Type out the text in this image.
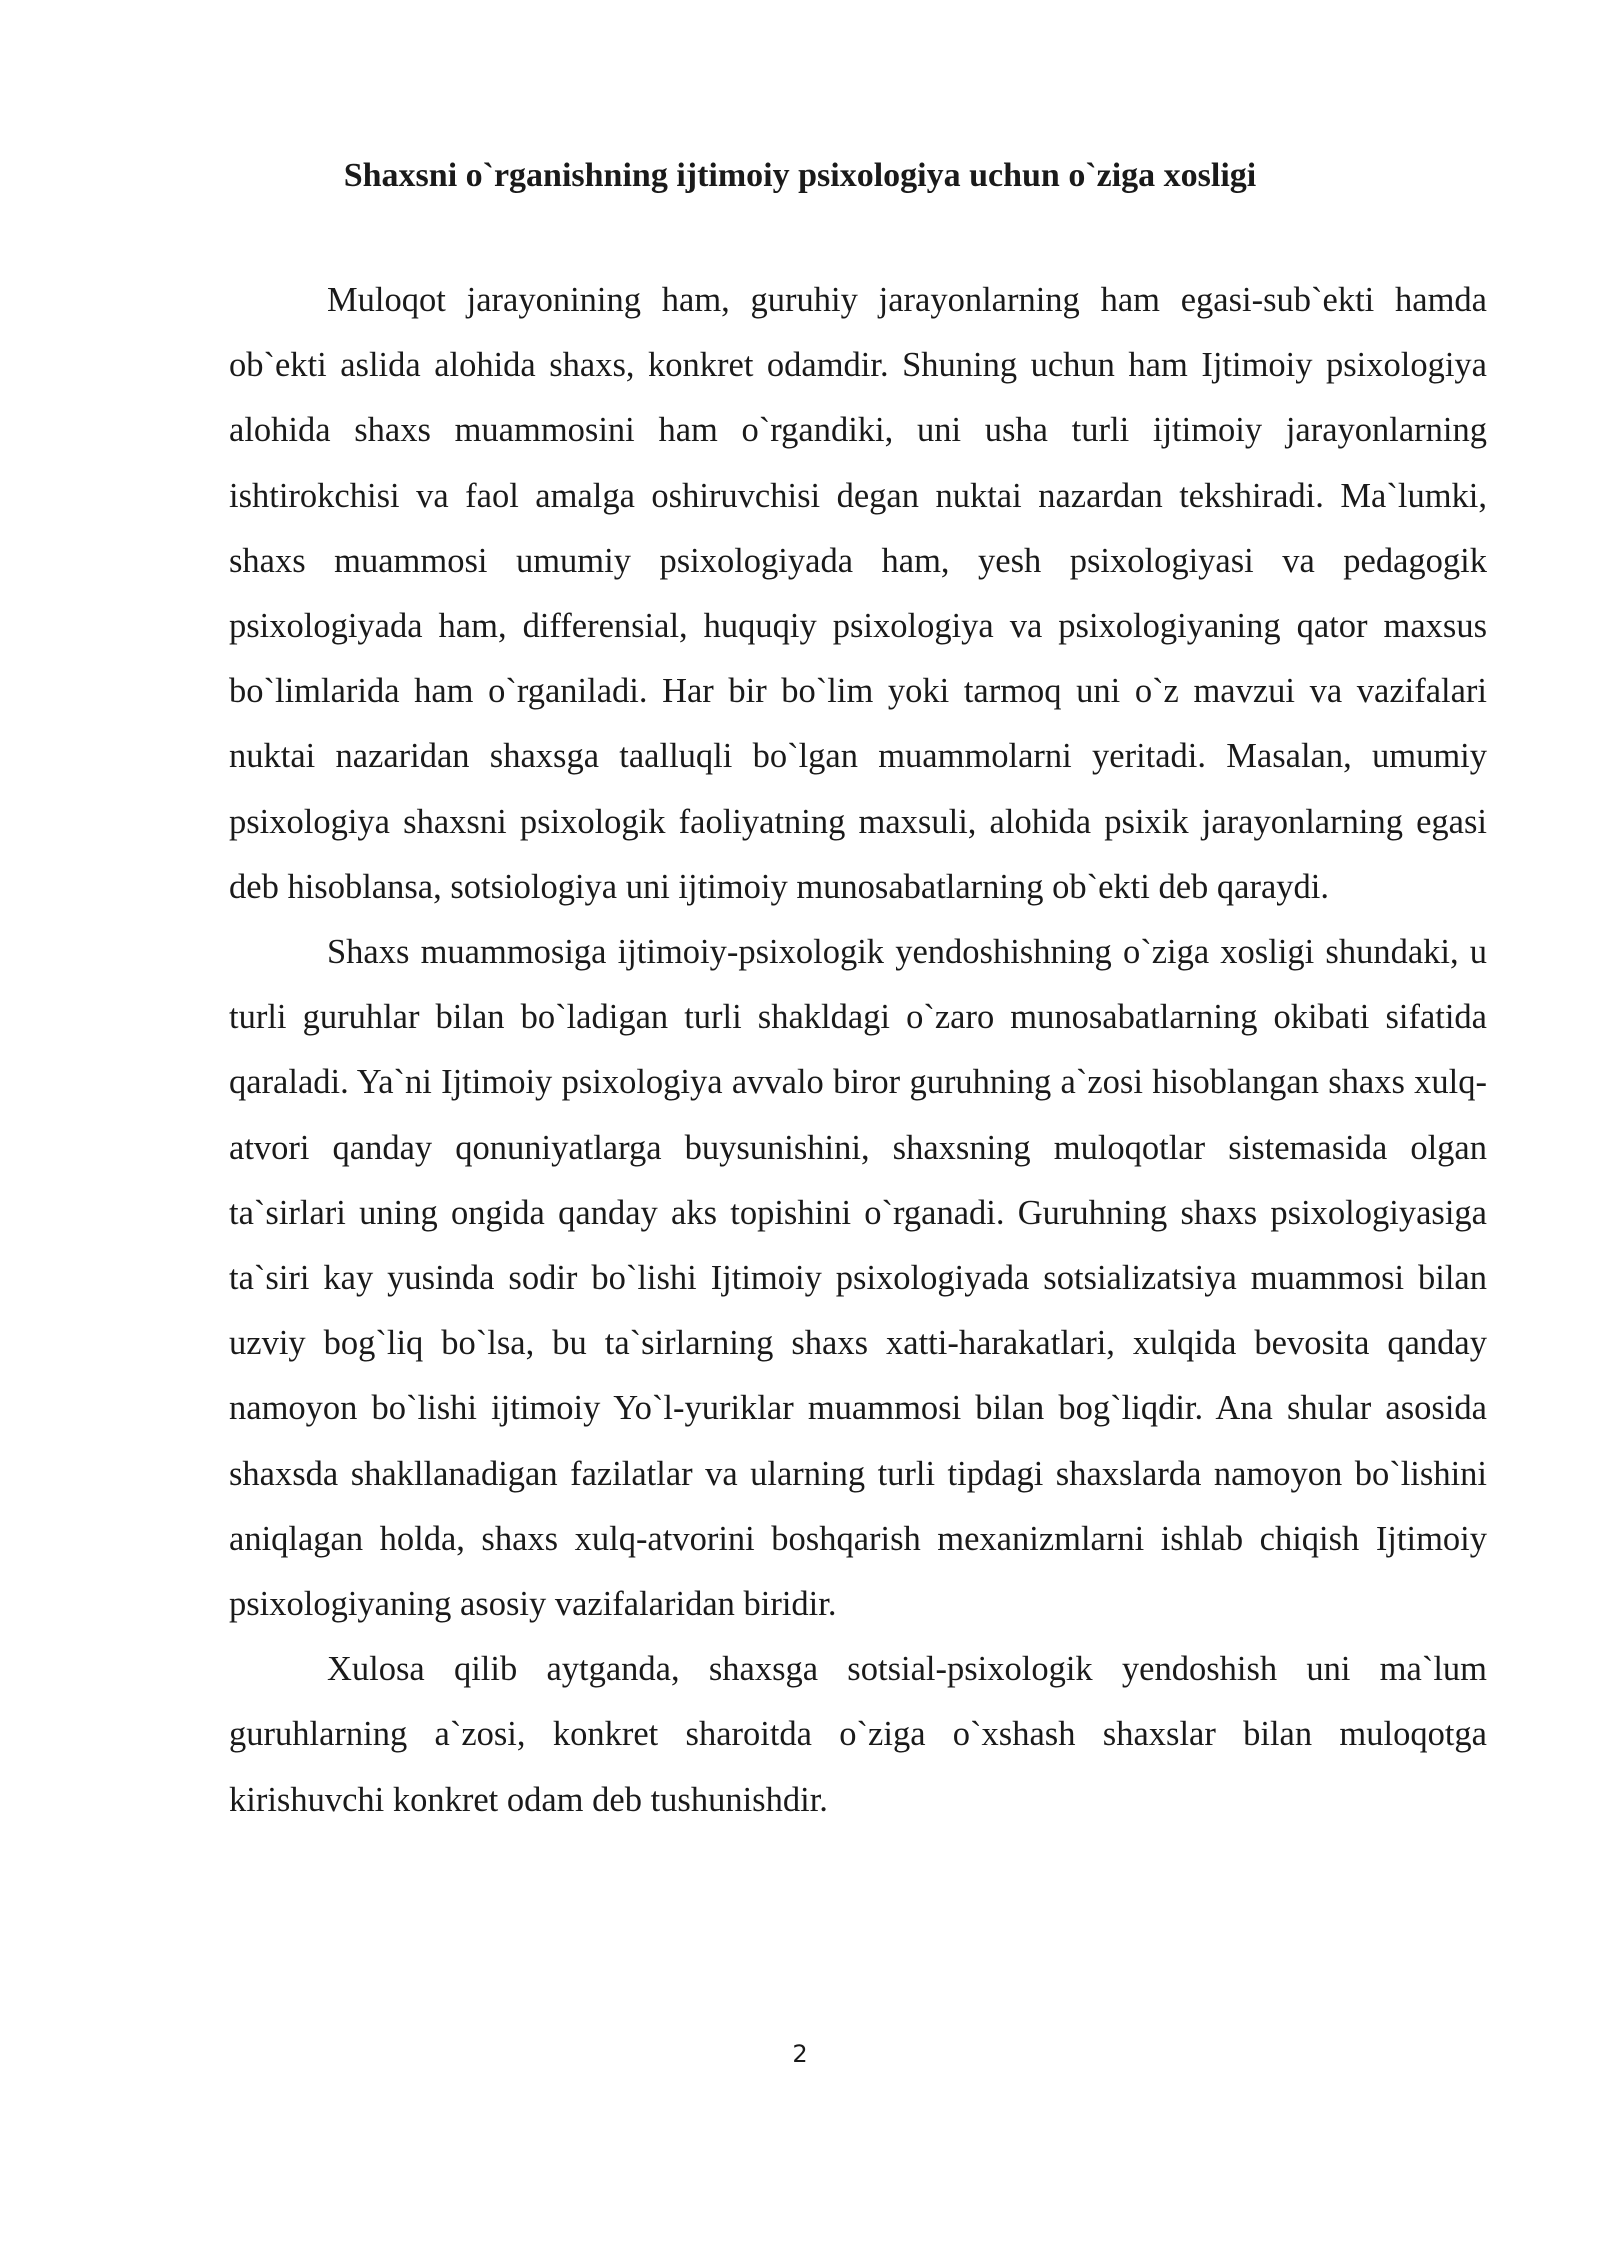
Shaxsni o`rganishning ijtimoiy psixologiya uchun o`ziga xosligi

Muloqot jarayonining ham, guruhiy jarayonlarning ham egasi-sub`ekti hamda ob`ekti aslida alohida shaxs, konkret odamdir. Shuning uchun ham Ijtimoiy psixologiya alohida shaxs muammosini ham o`rgandiki, uni usha turli ijtimoiy jarayonlarning ishtirokchisi va faol amalga oshiruvchisi degan nuktai nazardan tekshiradi. Ma`lumki, shaxs muammosi umumiy psixologiyada ham, yesh psixologiyasi va pedagogik psixologiyada ham, differensial, huquqiy psixologiya va psixologiyaning qator maxsus bo`limlarida ham o`rganiladi. Har bir bo`lim yoki tarmoq uni o`z mavzui va vazifalari nuktai nazaridan shaxsga taalluqli bo`lgan muammolarni yeritadi. Masalan, umumiy psixologiya shaxsni psixologik faoliyatning maxsuli, alohida psixik jarayonlarning egasi deb hisoblansa, sotsiologiya uni ijtimoiy munosabatlarning ob`ekti deb qaraydi.

Shaxs muammosiga ijtimoiy-psixologik yendoshishning o`ziga xosligi shundaki, u turli guruhlar bilan bo`ladigan turli shakldagi o`zaro munosabatlarning okibati sifatida qaraladi. Ya`ni Ijtimoiy psixologiya avvalo biror guruhning a`zosi hisoblangan shaxs xulq-atvori qanday qonuniyatlarga buysunishini, shaxsning muloqotlar sistemasida olgan ta`sirlari uning ongida qanday aks topishini o`rganadi. Guruhning shaxs psixologiyasiga ta`siri kay yusinda sodir bo`lishi Ijtimoiy psixologiyada sotsializatsiya muammosi bilan uzviy bog`liq bo`lsa, bu ta`sirlarning shaxs xatti-harakatlari, xulqida bevosita qanday namoyon bo`lishi ijtimoiy Yo`l-yuriklar muammosi bilan bog`liqdir. Ana shular asosida shaxsda shakllanadigan fazilatlar va ularning turli tipdagi shaxslarda namoyon bo`lishini aniqlagan holda, shaxs xulq-atvorini boshqarish mexanizmlarni ishlab chiqish Ijtimoiy psixologiyaning asosiy vazifalaridan biridir.

Xulosa qilib aytganda, shaxsga sotsial-psixologik yendoshish uni ma`lum guruhlarning a`zosi, konkret sharoitda o`ziga o`xshash shaxslar bilan muloqotga kirishuvchi konkret odam deb tushunishdir.

2
